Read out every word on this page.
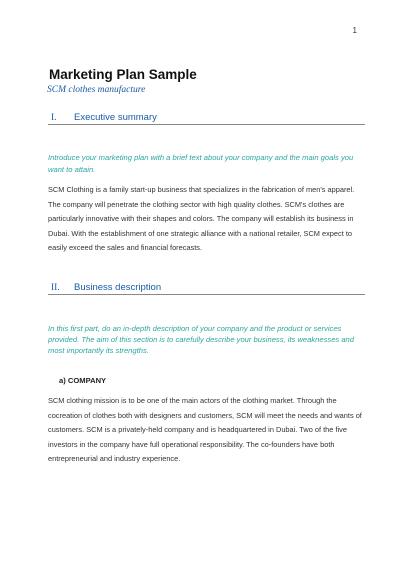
1
Marketing Plan Sample

SCM clothes manufacture

I.	Executive summary

Introduce your marketing plan with a brief text about your company and the main goals you want to attain.

SCM Clothing is a family start-up business that specializes in the fabrication of men's apparel. The company will penetrate the clothing sector with high quality clothes. SCM's clothes are particularly innovative with their shapes and colors. The company will establish its business in Dubai. With the establishment of one strategic alliance with a national retailer, SCM expect to easily exceed the sales and financial forecasts.

II.	Business description

In this first part, do an in-depth description of your company and the product or services provided. The aim of this section is to carefully describe your business, its weaknesses and most importantly its strengths.

a) COMPANY

SCM clothing mission is to be one of the main actors of the clothing market. Through the cocreation of clothes both with designers and customers, SCM will meet the needs and wants of customers. SCM is a privately-held company and is headquartered in Dubai. Two of the five investors in the company have full operational responsibility. The co-founders have both entrepreneurial and industry experience.
